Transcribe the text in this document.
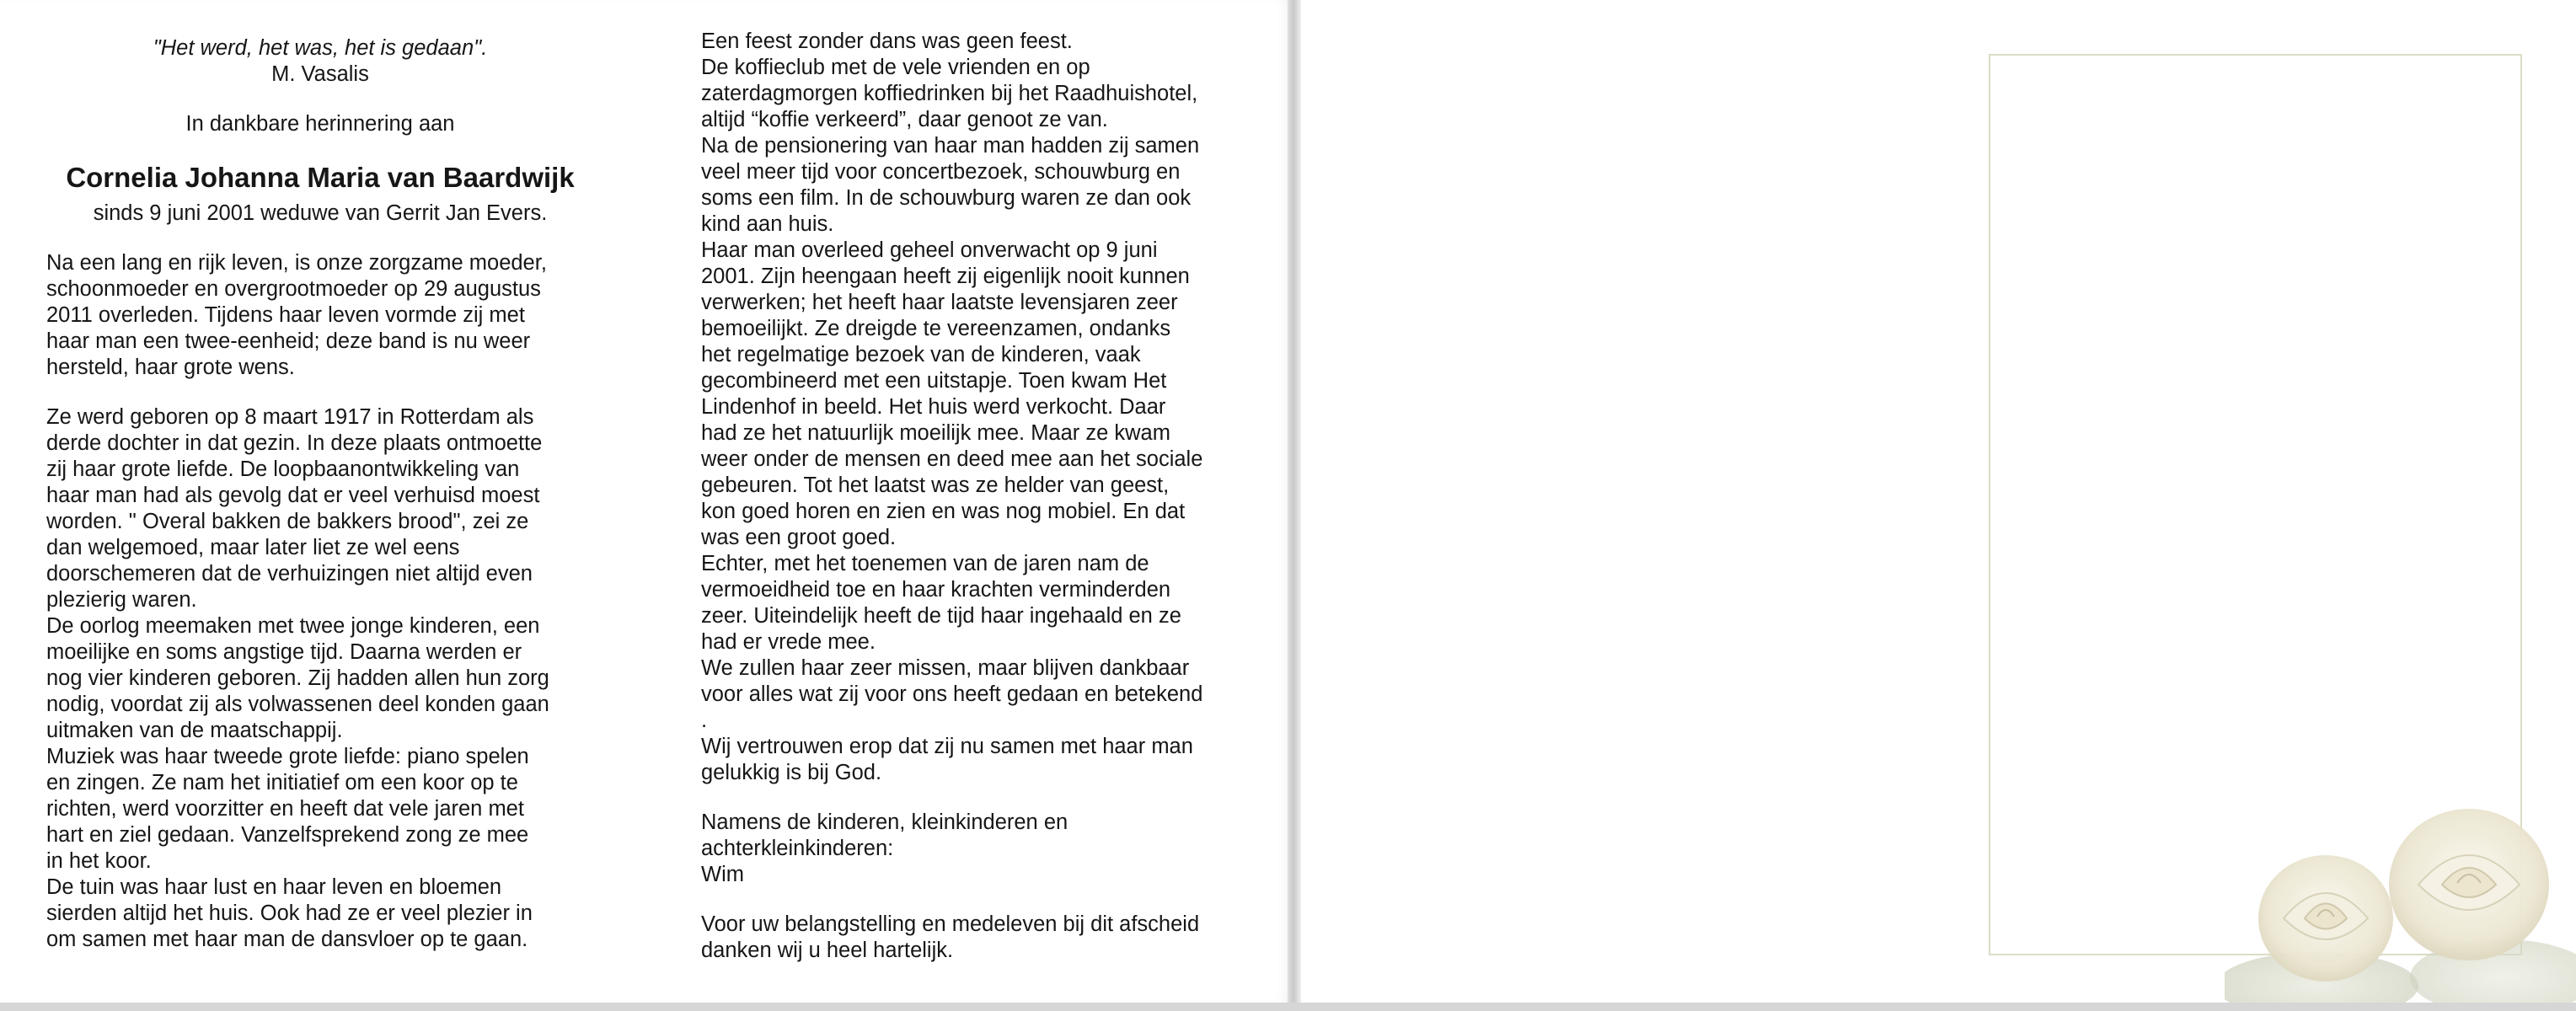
"Het werd, het was, het is gedaan".
M. Vasalis
In dankbare herinnering aan
Cornelia Johanna Maria van Baardwijk
sinds 9 juni 2001 weduwe van Gerrit Jan Evers.
Na een lang en rijk leven, is onze zorgzame moeder,
schoonmoeder en overgrootmoeder op 29 augustus
2011 overleden. Tijdens haar leven vormde zij met
haar man een twee-eenheid; deze band is nu weer
hersteld, haar grote wens.
Ze werd geboren op 8 maart 1917 in Rotterdam als
derde dochter in dat gezin. In deze plaats ontmoette
zij haar grote liefde. De loopbaanontwikkeling van
haar man had als gevolg dat er veel verhuisd moest
worden. " Overal bakken de bakkers brood", zei ze
dan welgemoed, maar later liet ze wel eens
doorschemeren dat de verhuizingen niet altijd even
plezierig waren.
De oorlog meemaken met twee jonge kinderen, een
moeilijke en soms angstige tijd. Daarna werden er
nog vier kinderen geboren. Zij hadden allen hun zorg
nodig, voordat zij als volwassenen deel konden gaan
uitmaken van de maatschappij.
Muziek was haar tweede grote liefde: piano spelen
en zingen. Ze nam het initiatief om een koor op te
richten, werd voorzitter en heeft dat vele jaren met
hart en ziel gedaan. Vanzelfsprekend zong ze mee
in het koor.
De tuin was haar lust en haar leven en bloemen
sierden altijd het huis. Ook had ze er veel plezier in
om samen met haar man de dansvloer op te gaan.
Een feest zonder dans was geen feest.
De koffieclub met de vele vrienden en op
zaterdagmorgen koffiedrinken bij het Raadhuishotel,
altijd “koffie verkeerd”, daar genoot ze van.
Na de pensionering van haar man hadden zij samen
veel meer tijd voor concertbezoek, schouwburg en
soms een film. In de schouwburg waren ze dan ook
kind aan huis.
Haar man overleed geheel onverwacht op 9 juni
2001. Zijn heengaan heeft zij eigenlijk nooit kunnen
verwerken; het heeft haar laatste levensjaren zeer
bemoeilijkt. Ze dreigde te vereenzamen, ondanks
het regelmatige bezoek van de kinderen, vaak
gecombineerd met een uitstapje. Toen kwam Het
Lindenhof in beeld. Het huis werd verkocht. Daar
had ze het natuurlijk moeilijk mee. Maar ze kwam
weer onder de mensen en deed mee aan het sociale
gebeuren. Tot het laatst was ze helder van geest,
kon goed horen en zien en was nog mobiel. En dat
was een groot goed.
Echter, met het toenemen van de jaren nam de
vermoeidheid toe en haar krachten verminderden
zeer. Uiteindelijk heeft de tijd haar ingehaald en ze
had er vrede mee.
We zullen haar zeer missen, maar blijven dankbaar
voor alles wat zij voor ons heeft gedaan en betekend
.
Wij vertrouwen erop dat zij nu samen met haar man
gelukkig is bij God.
Namens de kinderen, kleinkinderen en
achterkleinkinderen:
Wim
Voor uw belangstelling en medeleven bij dit afscheid
danken wij u heel hartelijk.
